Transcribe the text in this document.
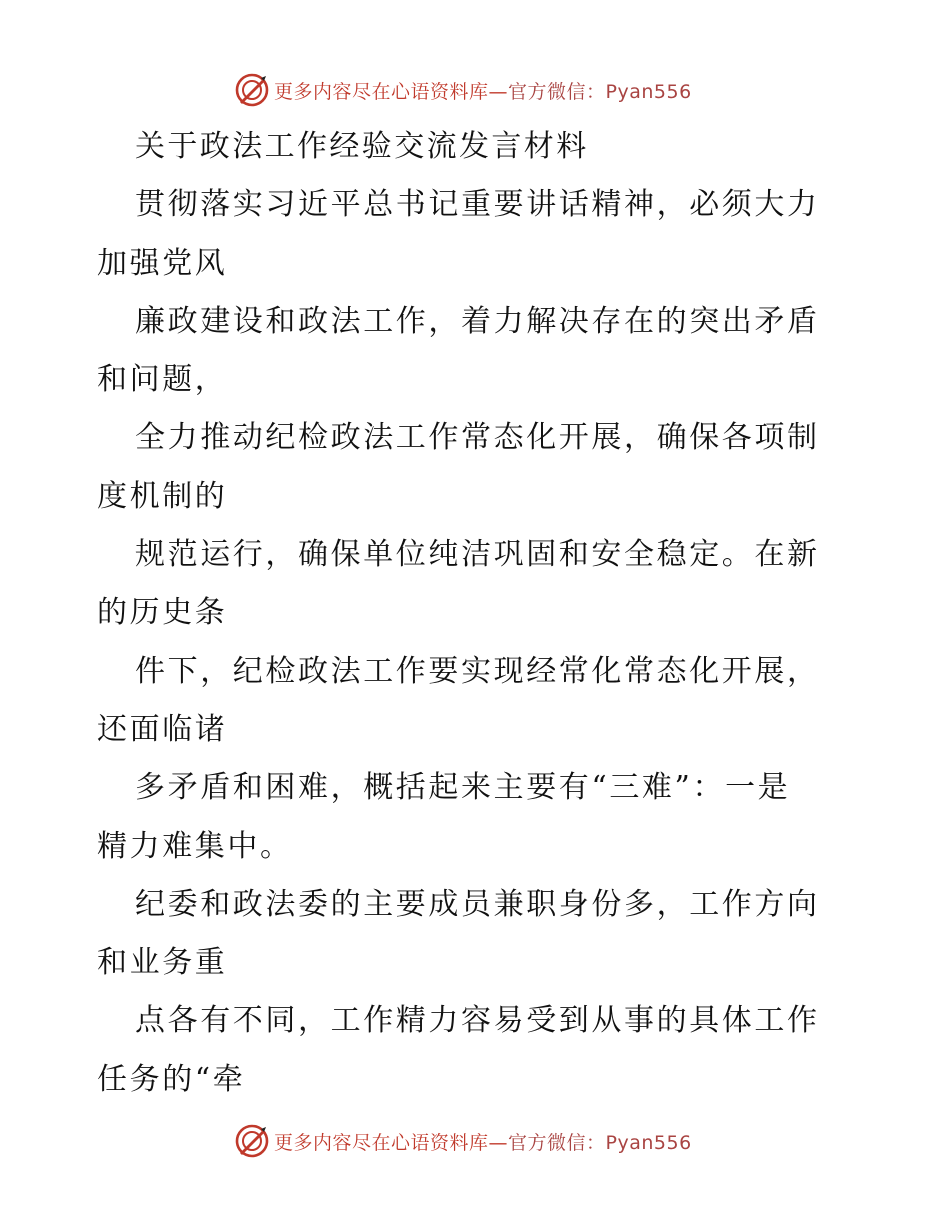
更多内容尽在心语资料库—官方微信：Pyan556
关于政法工作经验交流发言材料
贯彻落实习近平总书记重要讲话精神，必须大力
加强党风
廉政建设和政法工作，着力解决存在的突出矛盾
和问题，
全力推动纪检政法工作常态化开展，确保各项制
度机制的
规范运行，确保单位纯洁巩固和安全稳定。在新
的历史条
件下，纪检政法工作要实现经常化常态化开展，
还面临诸
多矛盾和困难，概括起来主要有“三难”：一是
精力难集中。
纪委和政法委的主要成员兼职身份多，工作方向
和业务重
点各有不同，工作精力容易受到从事的具体工作
任务的“牵
更多内容尽在心语资料库—官方微信：Pyan556
